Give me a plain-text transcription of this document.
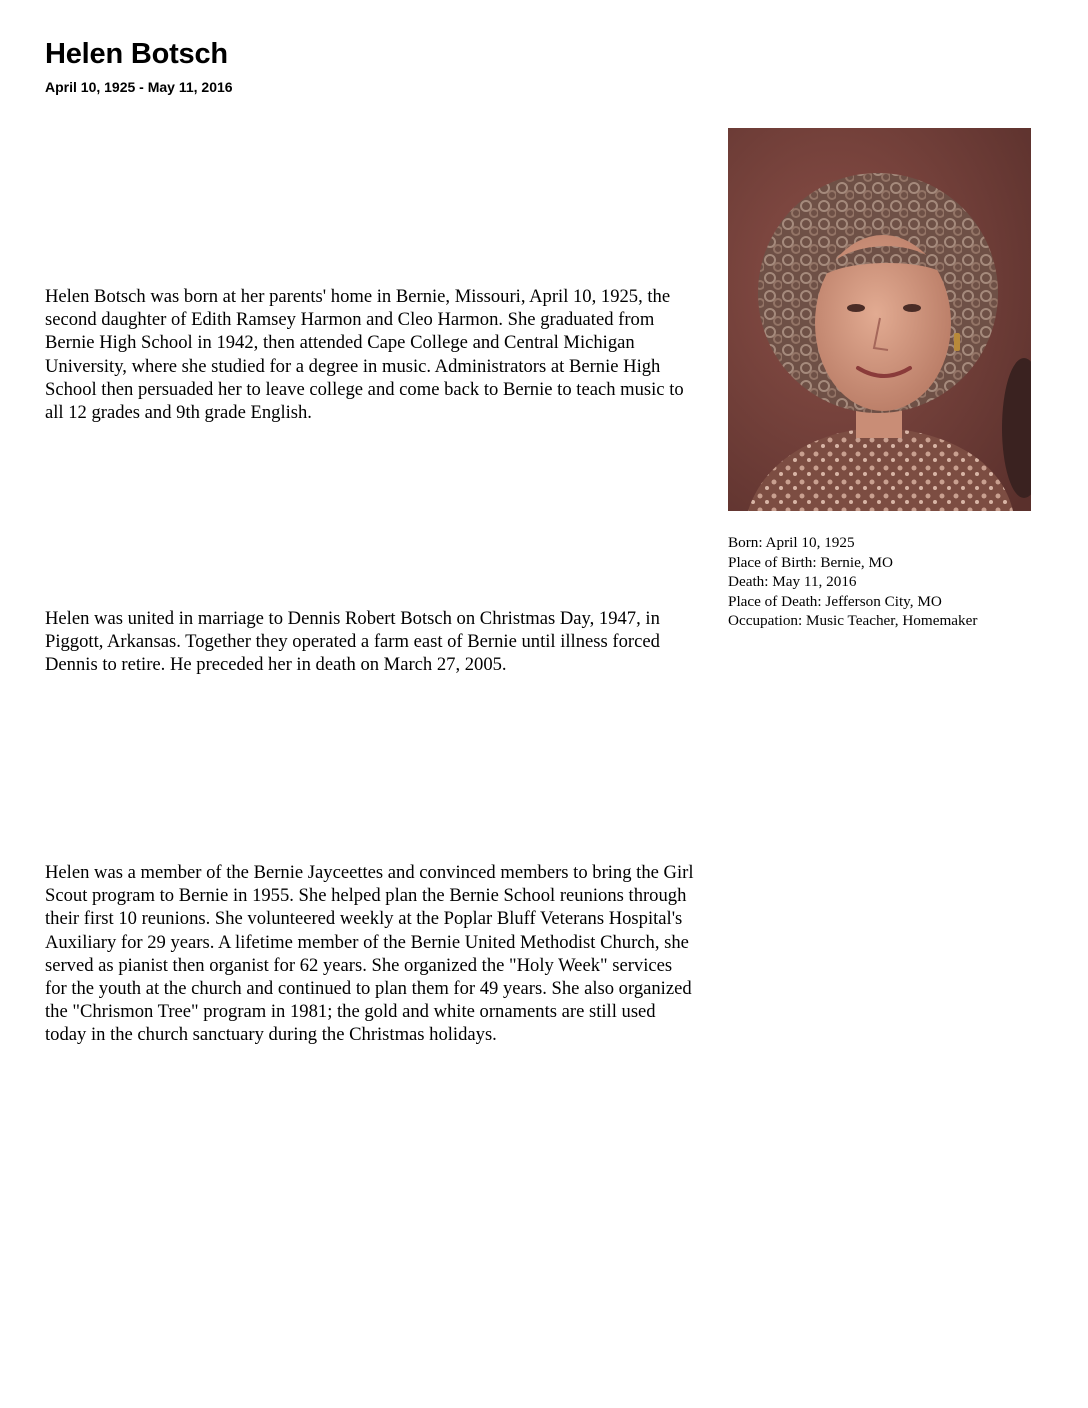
Helen Botsch
April 10, 1925 - May 11, 2016

Helen Botsch was born at her parents' home in Bernie, Missouri, April 10, 1925, the second daughter of Edith Ramsey Harmon and Cleo Harmon. She graduated from Bernie High School in 1942, then attended Cape College and Central Michigan University, where she studied for a degree in music. Administrators at Bernie High School then persuaded her to leave college and come back to Bernie to teach music to all 12 grades and 9th grade English.

Helen was united in marriage to Dennis Robert Botsch on Christmas Day, 1947, in Piggott, Arkansas. Together they operated a farm east of Bernie until illness forced Dennis to retire. He preceded her in death on March 27, 2005.

Helen was a member of the Bernie Jayceettes and convinced members to bring the Girl Scout program to Bernie in 1955. She helped plan the Bernie School reunions through their first 10 reunions. She volunteered weekly at the Poplar Bluff Veterans Hospital's Auxiliary for 29 years. A lifetime member of the Bernie United Methodist Church, she served as pianist then organist for 62 years. She organized the "Holy Week" services for the youth at the church and continued to plan them for 49 years. She also organized the "Chrismon Tree" program in 1981; the gold and white ornaments are still used today in the church sanctuary during the Christmas holidays.

Born: April 10, 1925
Place of Birth: Bernie, MO
Death: May 11, 2016
Place of Death: Jefferson City, MO
Occupation: Music Teacher, Homemaker
